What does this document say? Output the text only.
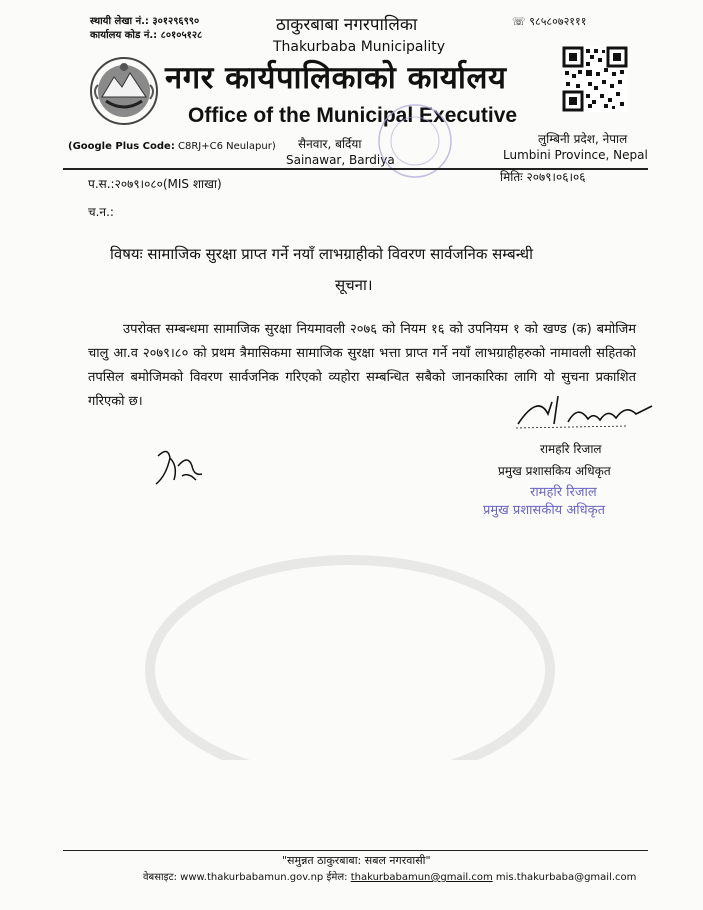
स्थायी लेखा नं.: ३०१२९६९९०
कार्यालय कोड नं.: ८०१०५१२८
ठाकुरबाबा नगरपालिका
Thakurbaba Municipality
☏ ९८५८०७२१११
नगर कार्यपालिकाको कार्यालय
Office of the Municipal Executive
(Google Plus Code: C8RJ+C6 Neulapur) सैनवार, बर्दिया
Sainawar, Bardiya
लुम्बिनी प्रदेश, नेपाल
Lumbini Province, Nepal
प.स.:२०७९।०८०(MIS शाखा)	मितिः २०७९।०६।०६
च.न.:
विषयः सामाजिक सुरक्षा प्राप्त गर्ने नयाँ लाभग्राहीको विवरण सार्वजनिक सम्बन्धी
सूचना।
उपरोक्त सम्बन्धमा सामाजिक सुरक्षा नियमावली २०७६ को नियम १६ को उपनियम १ को खण्ड (क) बमोजिम चालु आ.व २०७९।८० को प्रथम त्रैमासिकमा सामाजिक सुरक्षा भत्ता प्राप्त गर्ने नयाँ लाभग्राहीहरुको नामावली सहितको तपसिल बमोजिमको विवरण सार्वजनिक गरिएको व्यहोरा सम्बन्धित सबैको जानकारिका लागि यो सुचना प्रकाशित गरिएको छ।
रामहरि रिजाल
प्रमुख प्रशासकिय अधिकृत
रामहरि रिजाल
प्रमुख प्रशासकीय अधिकृत
"समुन्नत ठाकुरबाबा: सबल नगरवासी"
वेबसाइट: www.thakurbabamun.gov.np ईमेल: thakurbabamun@gmail.com mis.thakurbaba@gmail.com
